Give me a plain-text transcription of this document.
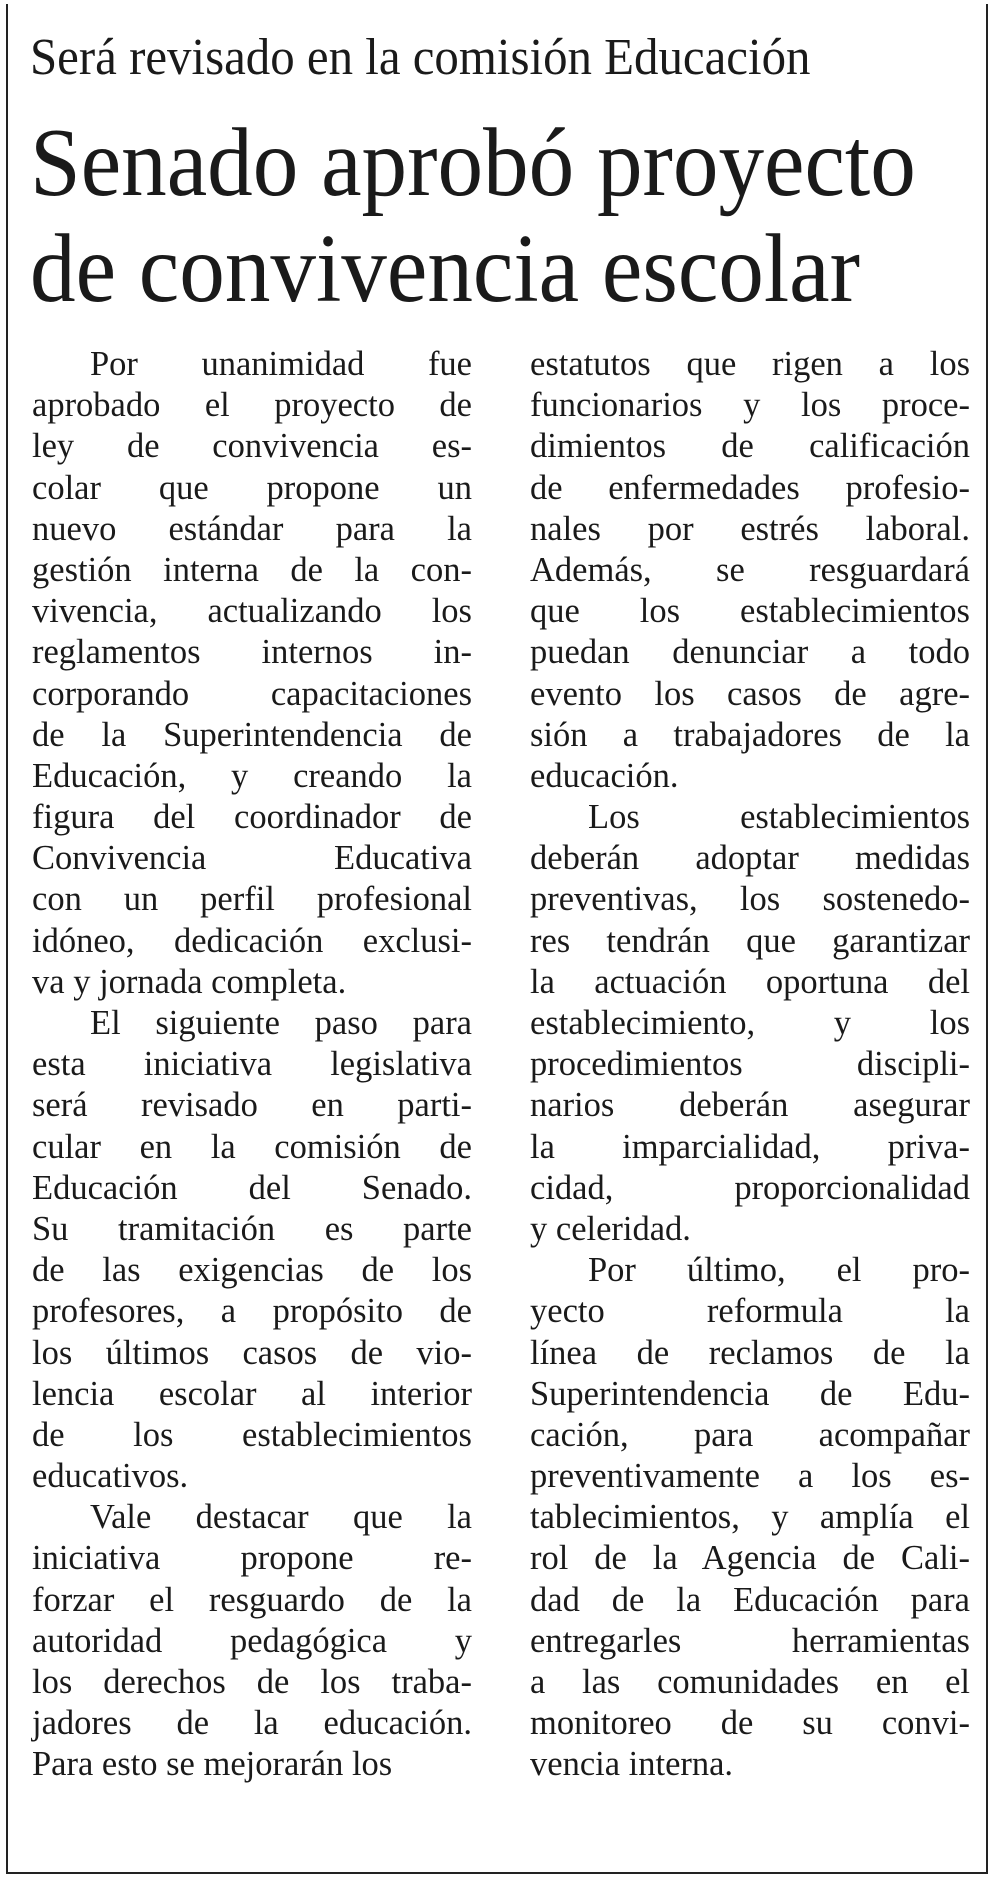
Será revisado en la comisión Educación
Senado aprobó proyecto
de convivencia escolar
Por unanimidad fue
aprobado el proyecto de
ley de convivencia es-
colar que propone un
nuevo estándar para la
gestión interna de la con-
vivencia, actualizando los
reglamentos internos in-
corporando capacitaciones
de la Superintendencia de
Educación, y creando la
figura del coordinador de
Convivencia Educativa
con un perfil profesional
idóneo, dedicación exclusi-
va y jornada completa.
El siguiente paso para
esta iniciativa legislativa
será revisado en parti-
cular en la comisión de
Educación del Senado.
Su tramitación es parte
de las exigencias de los
profesores, a propósito de
los últimos casos de vio-
lencia escolar al interior
de los establecimientos
educativos.
Vale destacar que la
iniciativa propone re-
forzar el resguardo de la
autoridad pedagógica y
los derechos de los traba-
jadores de la educación.
Para esto se mejorarán los
estatutos que rigen a los
funcionarios y los proce-
dimientos de calificación
de enfermedades profesio-
nales por estrés laboral.
Además, se resguardará
que los establecimientos
puedan denunciar a todo
evento los casos de agre-
sión a trabajadores de la
educación.
Los establecimientos
deberán adoptar medidas
preventivas, los sostenedo-
res tendrán que garantizar
la actuación oportuna del
establecimiento, y los
procedimientos discipli-
narios deberán asegurar
la imparcialidad, priva-
cidad, proporcionalidad
y celeridad.
Por último, el pro-
yecto reformula la
línea de reclamos de la
Superintendencia de Edu-
cación, para acompañar
preventivamente a los es-
tablecimientos, y amplía el
rol de la Agencia de Cali-
dad de la Educación para
entregarles herramientas
a las comunidades en el
monitoreo de su convi-
vencia interna.
